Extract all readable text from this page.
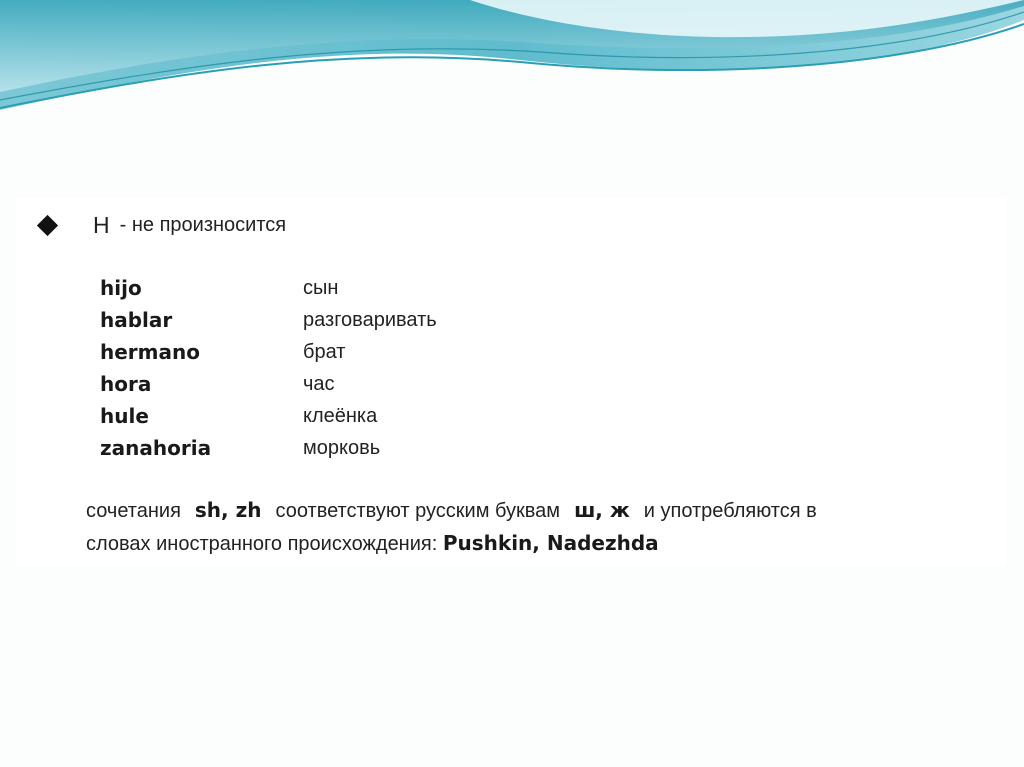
H - не произносится
hijo	сын
hablar	разговаривать
hermano	брат
hora	час
hule	клеёнка
zanahoria	морковь
сочетания sh, zh соответствуют русским буквам ш, ж и употребляются в
словах иностранного происхождения: Pushkin, Nadezhda
